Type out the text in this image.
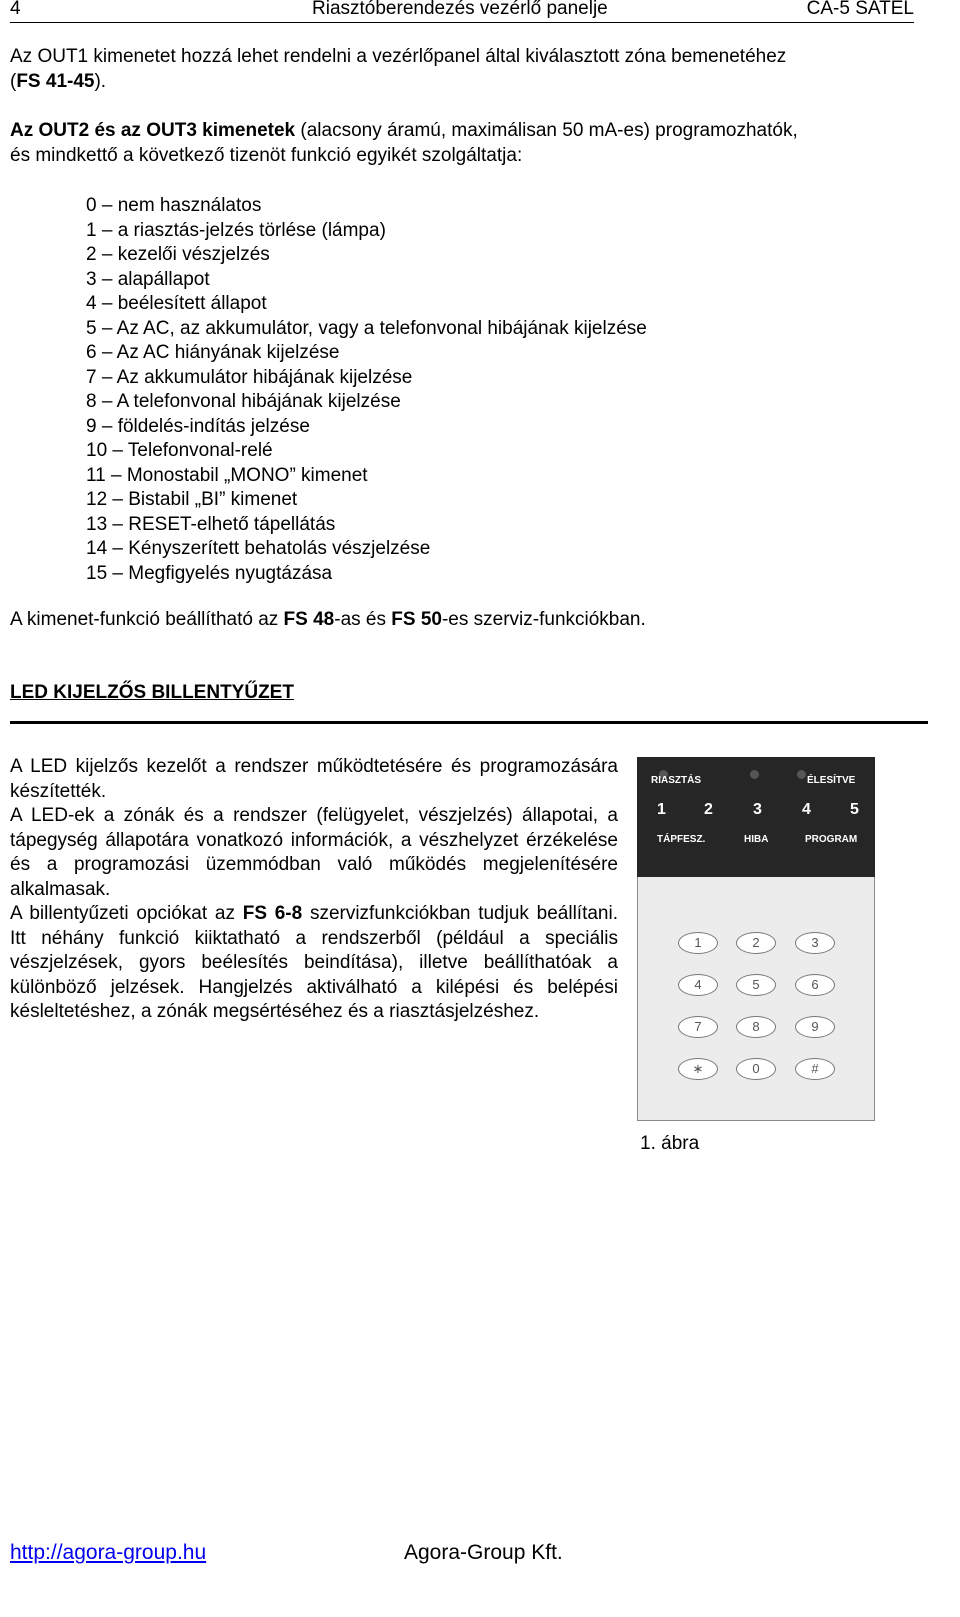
4	Riasztóberendezés vezérlő panelje	CA-5 SATEL
Az OUT1 kimenetet hozzá lehet rendelni a vezérlőpanel által kiválasztott zóna bemenetéhez
(FS 41-45).
Az OUT2 és az OUT3 kimenetek (alacsony áramú, maximálisan 50 mA-es) programozhatók,
és mindkettő a következő tizenöt funkció egyikét szolgáltatja:
0 – nem használatos
1 – a riasztás-jelzés törlése (lámpa)
2 – kezelői vészjelzés
3 – alapállapot
4 – beélesített állapot
5 – Az AC, az akkumulátor, vagy a telefonvonal hibájának kijelzése
6 – Az AC hiányának kijelzése
7 – Az akkumulátor hibájának kijelzése
8 – A telefonvonal hibájának kijelzése
9 – földelés-indítás jelzése
10 – Telefonvonal-relé
11 – Monostabil „MONO” kimenet
12 – Bistabil „BI” kimenet
13 – RESET-elhető tápellátás
14 – Kényszerített behatolás vészjelzése
15 – Megfigyelés nyugtázása
A kimenet-funkció beállítható az FS 48-as és FS 50-es szerviz-funkciókban.
LED KIJELZŐS BILLENTYŰZET

A LED kijelzős kezelőt a rendszer működtetésére és programozására készítették.

A LED-ek a zónák és a rendszer (felügyelet, vészjelzés) állapotai, a tápegység állapotára vonatkozó információk, a vészhelyzet érzékelése és a programozási üzemmódban való működés megjelenítésére alkalmasak.

A billentyűzeti opciókat az FS 6-8 szervizfunkciókban tudjuk beállítani. Itt néhány funkció kiiktatható a rendszerből (például a speciális vészjelzések, gyors beélesítés beindítása), illetve beállíthatóak a különböző jelzések. Hangjelzés aktiválható a kilépési és belépési késleltetéshez, a zónák megsértéséhez és a riasztásjelzéshez.

RIASZTÁS	ÉLESÍTVE
1 2	3	4 5
TÁPFESZ.	HIBA	PROGRAM
1	2	3
4	5	6
7	8	9
∗	0	#
1. ábra
http://agora-group.hu	Agora-Group Kft.
